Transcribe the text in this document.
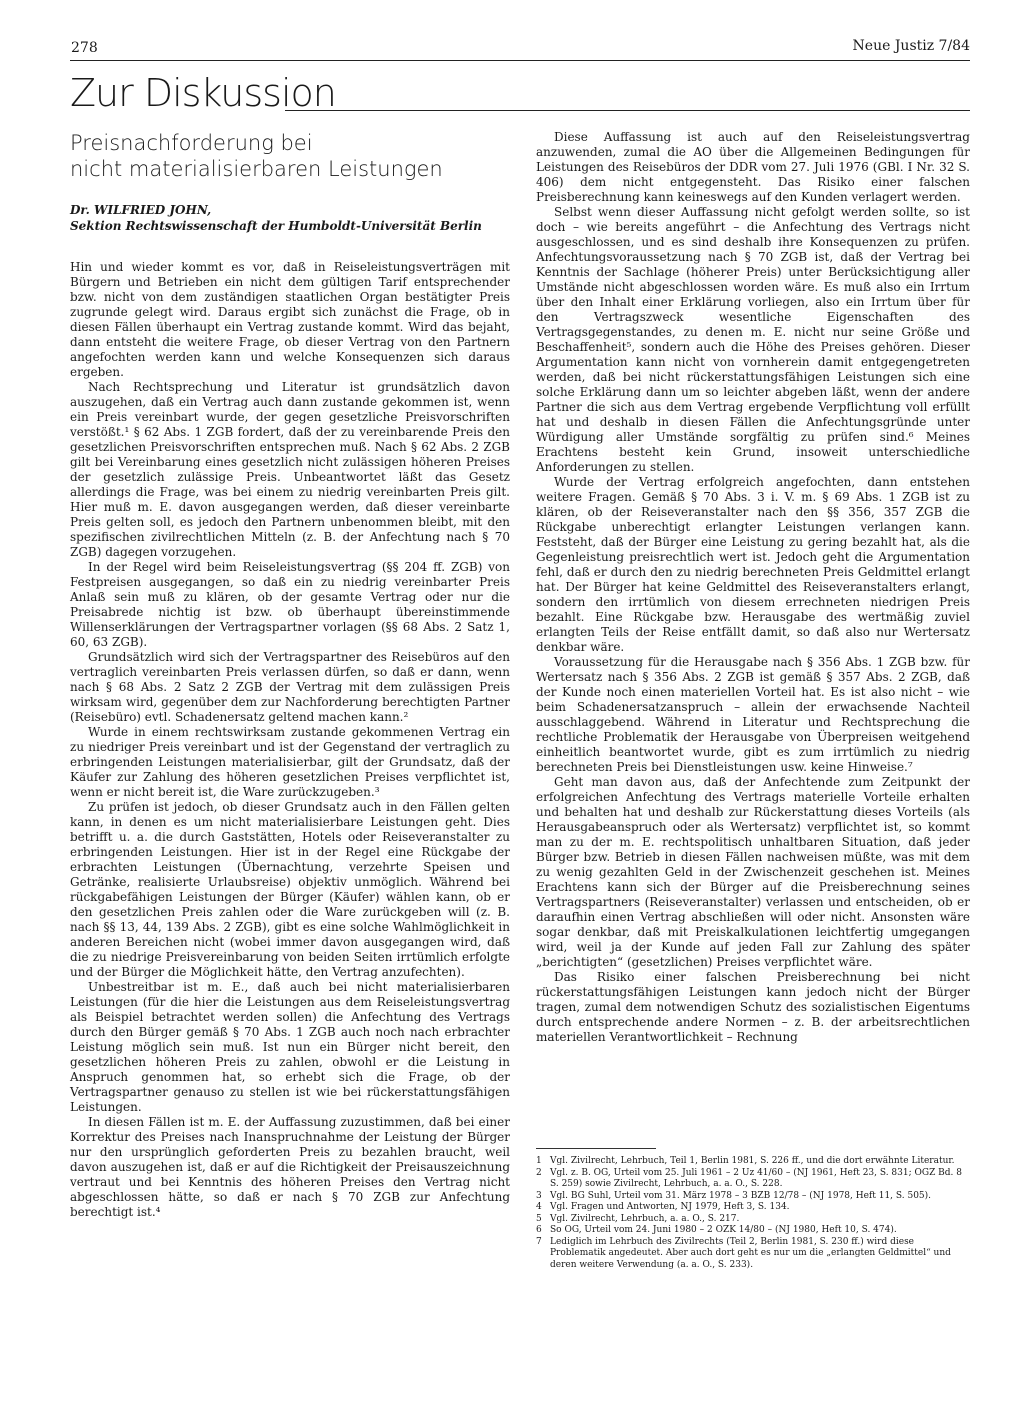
278	Neue Justiz 7/84
Zur Diskussion
Preisnachforderung bei
nicht materialisierbaren Leistungen
Dr. WILFRIED JOHN,
Sektion Rechtswissenschaft der Humboldt-Universität Berlin

Hin und wieder kommt es vor, daß in Reiseleistungsverträgen mit Bürgern und Betrieben ein nicht dem gültigen Tarif entsprechender bzw. nicht von dem zuständigen staatlichen Organ bestätigter Preis zugrunde gelegt wird. Daraus ergibt sich zunächst die Frage, ob in diesen Fällen überhaupt ein Vertrag zustande kommt. Wird das bejaht, dann entsteht die weitere Frage, ob dieser Vertrag von den Partnern angefochten werden kann und welche Konsequenzen sich daraus ergeben.

Nach Rechtsprechung und Literatur ist grundsätzlich davon auszugehen, daß ein Vertrag auch dann zustande gekommen ist, wenn ein Preis vereinbart wurde, der gegen gesetzliche Preisvorschriften verstößt.¹ § 62 Abs. 1 ZGB fordert, daß der zu vereinbarende Preis den gesetzlichen Preisvorschriften entsprechen muß. Nach § 62 Abs. 2 ZGB gilt bei Vereinbarung eines gesetzlich nicht zulässigen höheren Preises der gesetzlich zulässige Preis. Unbeantwortet läßt das Gesetz allerdings die Frage, was bei einem zu niedrig vereinbarten Preis gilt. Hier muß m. E. davon ausgegangen werden, daß dieser vereinbarte Preis gelten soll, es jedoch den Partnern unbenommen bleibt, mit den spezifischen zivilrechtlichen Mitteln (z. B. der Anfechtung nach § 70 ZGB) dagegen vorzugehen.

In der Regel wird beim Reiseleistungsvertrag (§§ 204 ff. ZGB) von Festpreisen ausgegangen, so daß ein zu niedrig vereinbarter Preis Anlaß sein muß zu klären, ob der gesamte Vertrag oder nur die Preisabrede nichtig ist bzw. ob überhaupt übereinstimmende Willenserklärungen der Vertragspartner vorlagen (§§ 68 Abs. 2 Satz 1, 60, 63 ZGB).

Grundsätzlich wird sich der Vertragspartner des Reisebüros auf den vertraglich vereinbarten Preis verlassen dürfen, so daß er dann, wenn nach § 68 Abs. 2 Satz 2 ZGB der Vertrag mit dem zulässigen Preis wirksam wird, gegenüber dem zur Nachforderung berechtigten Partner (Reisebüro) evtl. Schadenersatz geltend machen kann.²

Wurde in einem rechtswirksam zustande gekommenen Vertrag ein zu niedriger Preis vereinbart und ist der Gegenstand der vertraglich zu erbringenden Leistungen materialisierbar, gilt der Grundsatz, daß der Käufer zur Zahlung des höheren gesetzlichen Preises verpflichtet ist, wenn er nicht bereit ist, die Ware zurückzugeben.³

Zu prüfen ist jedoch, ob dieser Grundsatz auch in den Fällen gelten kann, in denen es um nicht materialisierbare Leistungen geht. Dies betrifft u. a. die durch Gaststätten, Hotels oder Reiseveranstalter zu erbringenden Leistungen. Hier ist in der Regel eine Rückgabe der erbrachten Leistungen (Übernachtung, verzehrte Speisen und Getränke, realisierte Urlaubsreise) objektiv unmöglich. Während bei rückgabefähigen Leistungen der Bürger (Käufer) wählen kann, ob er den gesetzlichen Preis zahlen oder die Ware zurückgeben will (z. B. nach §§ 13, 44, 139 Abs. 2 ZGB), gibt es eine solche Wahlmöglichkeit in anderen Bereichen nicht (wobei immer davon ausgegangen wird, daß die zu niedrige Preisvereinbarung von beiden Seiten irrtümlich erfolgte und der Bürger die Möglichkeit hätte, den Vertrag anzufechten).

Unbestreitbar ist m. E., daß auch bei nicht materialisierbaren Leistungen (für die hier die Leistungen aus dem Reiseleistungsvertrag als Beispiel betrachtet werden sollen) die Anfechtung des Vertrags durch den Bürger gemäß § 70 Abs. 1 ZGB auch noch nach erbrachter Leistung möglich sein muß. Ist nun ein Bürger nicht bereit, den gesetzlichen höheren Preis zu zahlen, obwohl er die Leistung in Anspruch genommen hat, so erhebt sich die Frage, ob der Vertragspartner genauso zu stellen ist wie bei rückerstattungsfähigen Leistungen.

In diesen Fällen ist m. E. der Auffassung zuzustimmen, daß bei einer Korrektur des Preises nach Inanspruchnahme der Leistung der Bürger nur den ursprünglich geforderten Preis zu bezahlen braucht, weil davon auszugehen ist, daß er auf die Richtigkeit der Preisauszeichnung vertraut und bei Kenntnis des höheren Preises den Vertrag nicht abgeschlossen hätte, so daß er nach § 70 ZGB zur Anfechtung berechtigt ist.⁴

Diese Auffassung ist auch auf den Reiseleistungsvertrag anzuwenden, zumal die AO über die Allgemeinen Bedingungen für Leistungen des Reisebüros der DDR vom 27. Juli 1976 (GBl. I Nr. 32 S. 406) dem nicht entgegensteht. Das Risiko einer falschen Preisberechnung kann keineswegs auf den Kunden verlagert werden.

Selbst wenn dieser Auffassung nicht gefolgt werden sollte, so ist doch – wie bereits angeführt – die Anfechtung des Vertrags nicht ausgeschlossen, und es sind deshalb ihre Konsequenzen zu prüfen. Anfechtungsvoraussetzung nach § 70 ZGB ist, daß der Vertrag bei Kenntnis der Sachlage (höherer Preis) unter Berücksichtigung aller Umstände nicht abgeschlossen worden wäre. Es muß also ein Irrtum über den Inhalt einer Erklärung vorliegen, also ein Irrtum über für den Vertragszweck wesentliche Eigenschaften des Vertragsgegenstandes, zu denen m. E. nicht nur seine Größe und Beschaffenheit⁵, sondern auch die Höhe des Preises gehören. Dieser Argumentation kann nicht von vornherein damit entgegengetreten werden, daß bei nicht rückerstattungsfähigen Leistungen sich eine solche Erklärung dann um so leichter abgeben läßt, wenn der andere Partner die sich aus dem Vertrag ergebende Verpflichtung voll erfüllt hat und deshalb in diesen Fällen die Anfechtungsgründe unter Würdigung aller Umstände sorgfältig zu prüfen sind.⁶ Meines Erachtens besteht kein Grund, insoweit unterschiedliche Anforderungen zu stellen.

Wurde der Vertrag erfolgreich angefochten, dann entstehen weitere Fragen. Gemäß § 70 Abs. 3 i. V. m. § 69 Abs. 1 ZGB ist zu klären, ob der Reiseveranstalter nach den §§ 356, 357 ZGB die Rückgabe unberechtigt erlangter Leistungen verlangen kann. Feststeht, daß der Bürger eine Leistung zu gering bezahlt hat, als die Gegenleistung preisrechtlich wert ist. Jedoch geht die Argumentation fehl, daß er durch den zu niedrig berechneten Preis Geldmittel erlangt hat. Der Bürger hat keine Geldmittel des Reiseveranstalters erlangt, sondern den irrtümlich von diesem errechneten niedrigen Preis bezahlt. Eine Rückgabe bzw. Herausgabe des wertmäßig zuviel erlangten Teils der Reise entfällt damit, so daß also nur Wertersatz denkbar wäre.

Voraussetzung für die Herausgabe nach § 356 Abs. 1 ZGB bzw. für Wertersatz nach § 356 Abs. 2 ZGB ist gemäß § 357 Abs. 2 ZGB, daß der Kunde noch einen materiellen Vorteil hat. Es ist also nicht – wie beim Schadenersatzanspruch – allein der erwachsende Nachteil ausschlaggebend. Während in Literatur und Rechtsprechung die rechtliche Problematik der Herausgabe von Überpreisen weitgehend einheitlich beantwortet wurde, gibt es zum irrtümlich zu niedrig berechneten Preis bei Dienstleistungen usw. keine Hinweise.⁷

Geht man davon aus, daß der Anfechtende zum Zeitpunkt der erfolgreichen Anfechtung des Vertrags materielle Vorteile erhalten und behalten hat und deshalb zur Rückerstattung dieses Vorteils (als Herausgabeanspruch oder als Wertersatz) verpflichtet ist, so kommt man zu der m. E. rechtspolitisch unhaltbaren Situation, daß jeder Bürger bzw. Betrieb in diesen Fällen nachweisen müßte, was mit dem zu wenig gezahlten Geld in der Zwischenzeit geschehen ist. Meines Erachtens kann sich der Bürger auf die Preisberechnung seines Vertragspartners (Reiseveranstalter) verlassen und entscheiden, ob er daraufhin einen Vertrag abschließen will oder nicht. Ansonsten wäre sogar denkbar, daß mit Preiskalkulationen leichtfertig umgegangen wird, weil ja der Kunde auf jeden Fall zur Zahlung des später „berichtigten“ (gesetzlichen) Preises verpflichtet wäre.

Das Risiko einer falschen Preisberechnung bei nicht rückerstattungsfähigen Leistungen kann jedoch nicht der Bürger tragen, zumal dem notwendigen Schutz des sozialistischen Eigentums durch entsprechende andere Normen – z. B. der arbeitsrechtlichen materiellen Verantwortlichkeit – Rechnung

1 Vgl. Zivilrecht, Lehrbuch, Teil 1, Berlin 1981, S. 226 ff., und die dort erwähnte Literatur.
2 Vgl. z. B. OG, Urteil vom 25. Juli 1961 – 2 Uz 41/60 – (NJ 1961, Heft 23, S. 831; OGZ Bd. 8 S. 259) sowie Zivilrecht, Lehrbuch, a. a. O., S. 228.
3 Vgl. BG Suhl, Urteil vom 31. März 1978 – 3 BZB 12/78 – (NJ 1978, Heft 11, S. 505).
4 Vgl. Fragen und Antworten, NJ 1979, Heft 3, S. 134.
5 Vgl. Zivilrecht, Lehrbuch, a. a. O., S. 217.
6 So OG, Urteil vom 24. Juni 1980 – 2 OZK 14/80 – (NJ 1980, Heft 10, S. 474).
7 Lediglich im Lehrbuch des Zivilrechts (Teil 2, Berlin 1981, S. 230 ff.) wird diese Problematik angedeutet. Aber auch dort geht es nur um die „erlangten Geldmittel“ und deren weitere Verwendung (a. a. O., S. 233).
